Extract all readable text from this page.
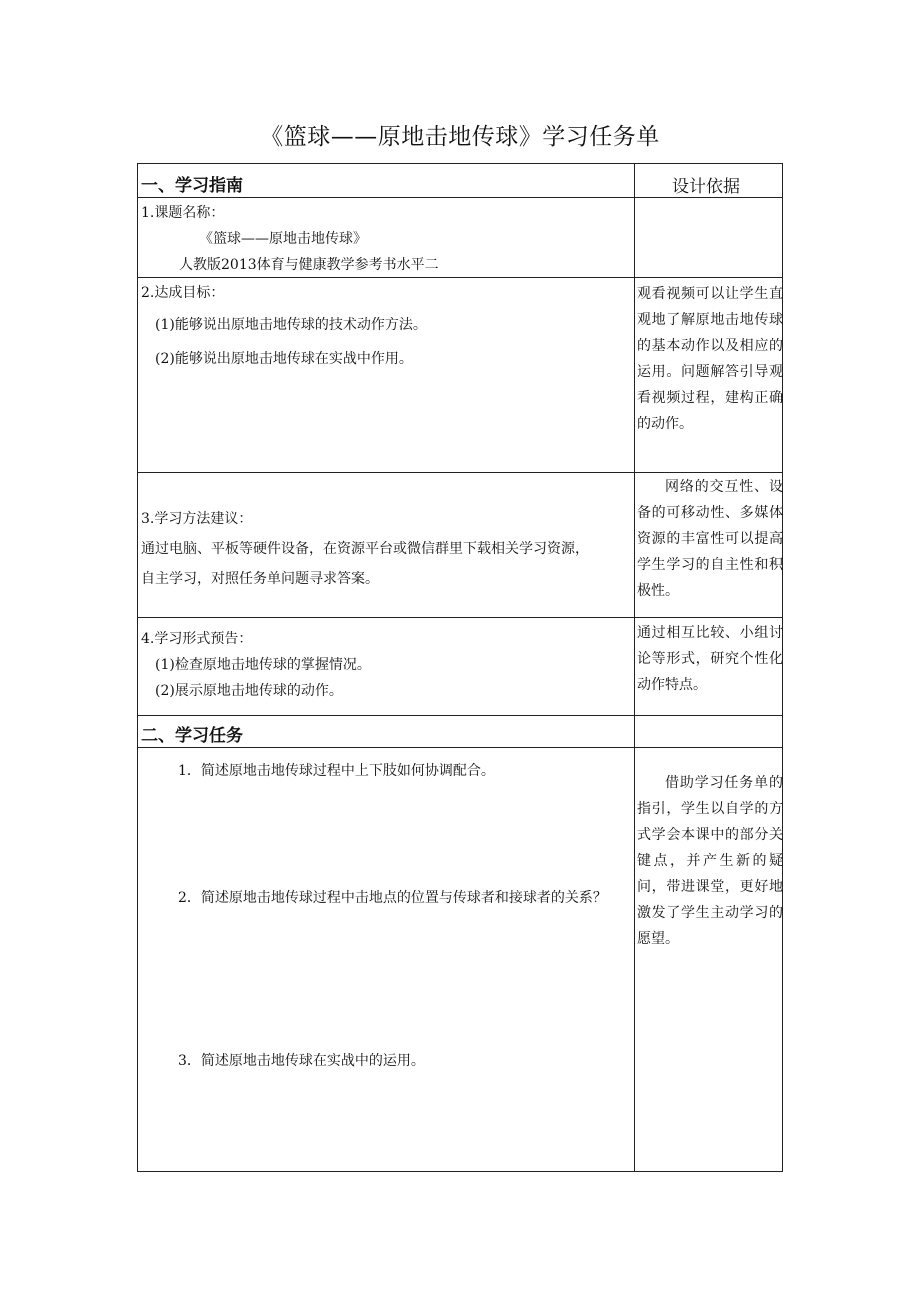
《篮球——原地击地传球》学习任务单
一、学习指南	设计依据
1.课题名称：
《篮球——原地击地传球》
人教版2013体育与健康教学参考书水平二
2.达成目标：
(1)能够说出原地击地传球的技术动作方法。
(2)能够说出原地击地传球在实战中作用。
观看视频可以让学生直观地了解原地击地传球的基本动作以及相应的运用。问题解答引导观看视频过程，建构正确的动作。
3.学习方法建议：
通过电脑、平板等硬件设备，在资源平台或微信群里下载相关学习资源，
自主学习，对照任务单问题寻求答案。
网络的交互性、设备的可移动性、多媒体资源的丰富性可以提高学生学习的自主性和积极性。
4.学习形式预告：
(1)检查原地击地传球的掌握情况。
(2)展示原地击地传球的动作。
通过相互比较、小组讨论等形式，研究个性化动作特点。
二、学习任务
1．简述原地击地传球过程中上下肢如何协调配合。
2．简述原地击地传球过程中击地点的位置与传球者和接球者的关系？
3．简述原地击地传球在实战中的运用。
借助学习任务单的指引，学生以自学的方式学会本课中的部分关键点，并产生新的疑问，带进课堂，更好地激发了学生主动学习的愿望。
